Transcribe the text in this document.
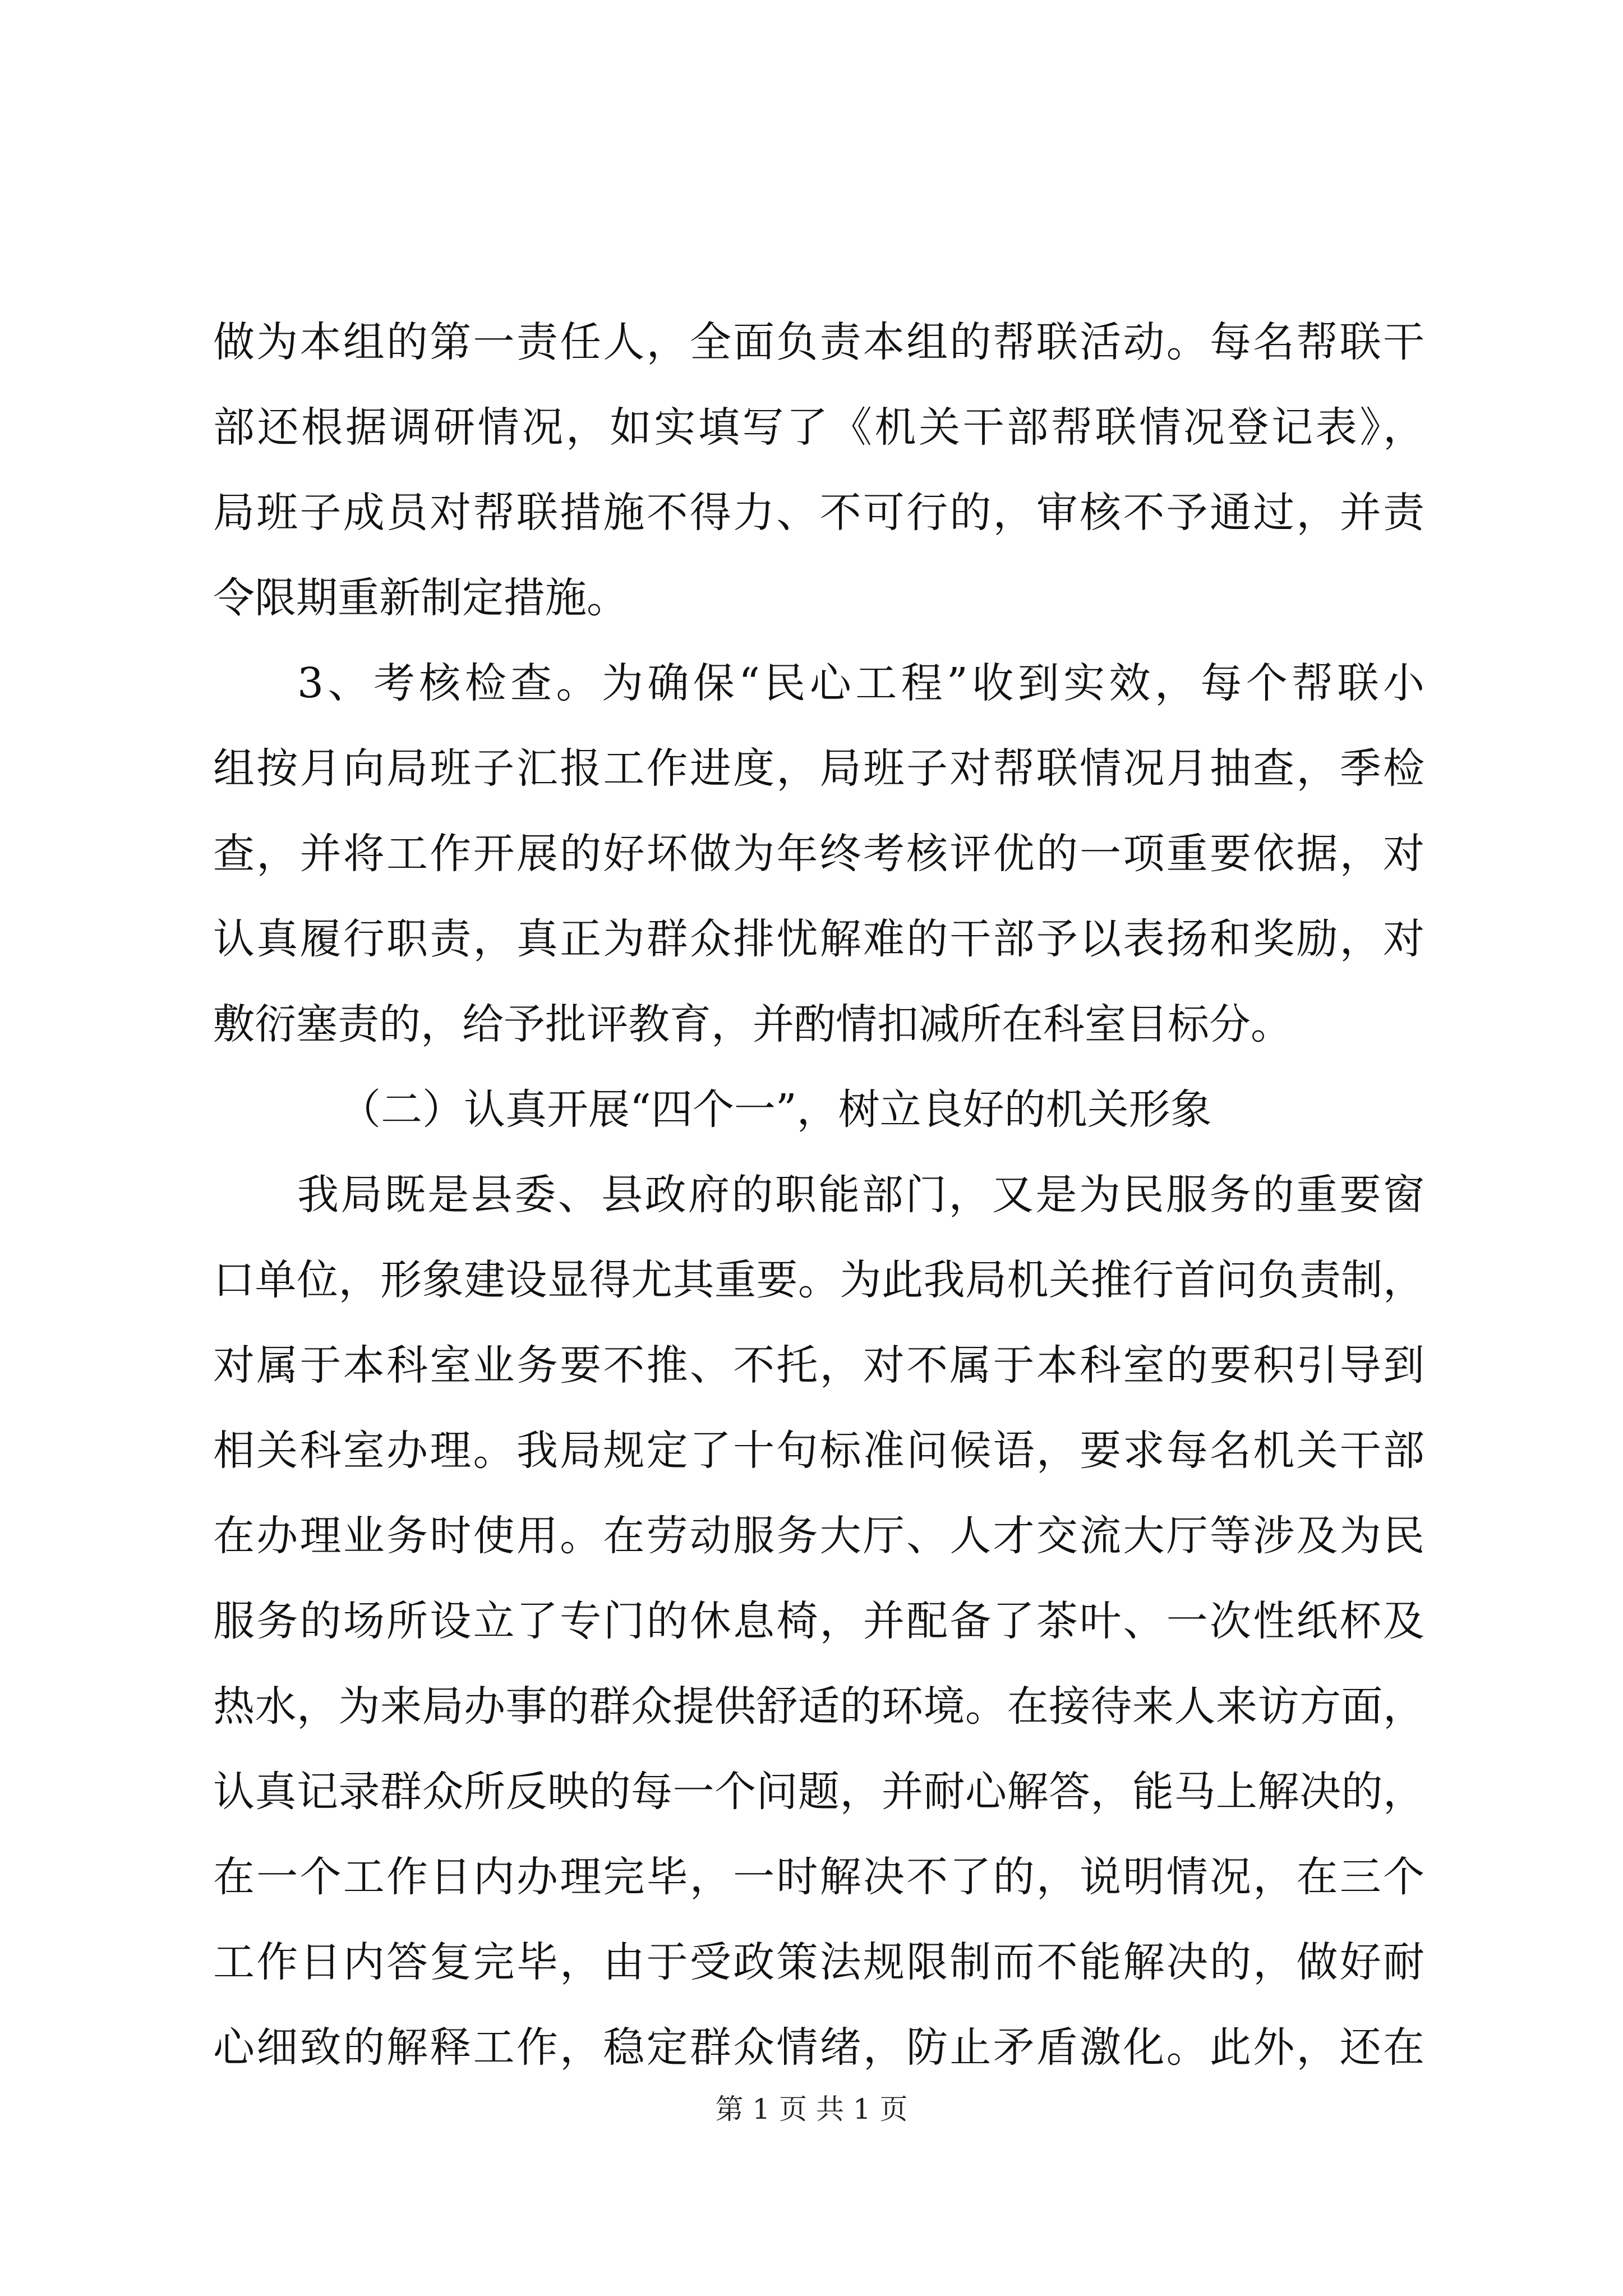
做为本组的第一责任人，全面负责本组的帮联活动。每名帮联干
部还根据调研情况，如实填写了《机关干部帮联情况登记表》，
局班子成员对帮联措施不得力、不可行的，审核不予通过，并责
令限期重新制定措施。
3、考核检查。为确保“民心工程”收到实效，每个帮联小
组按月向局班子汇报工作进度，局班子对帮联情况月抽查，季检
查，并将工作开展的好坏做为年终考核评优的一项重要依据，对
认真履行职责，真正为群众排忧解难的干部予以表扬和奖励，对
敷衍塞责的，给予批评教育，并酌情扣减所在科室目标分。
（二）认真开展“四个一”，树立良好的机关形象
我局既是县委、县政府的职能部门，又是为民服务的重要窗
口单位，形象建设显得尤其重要。为此我局机关推行首问负责制，
对属于本科室业务要不推、不托，对不属于本科室的要积引导到
相关科室办理。我局规定了十句标准问候语，要求每名机关干部
在办理业务时使用。在劳动服务大厅、人才交流大厅等涉及为民
服务的场所设立了专门的休息椅，并配备了茶叶、一次性纸杯及
热水，为来局办事的群众提供舒适的环境。在接待来人来访方面，
认真记录群众所反映的每一个问题，并耐心解答，能马上解决的，
在一个工作日内办理完毕，一时解决不了的，说明情况，在三个
工作日内答复完毕，由于受政策法规限制而不能解决的，做好耐
心细致的解释工作，稳定群众情绪，防止矛盾激化。此外，还在
第 1 页 共 1 页
